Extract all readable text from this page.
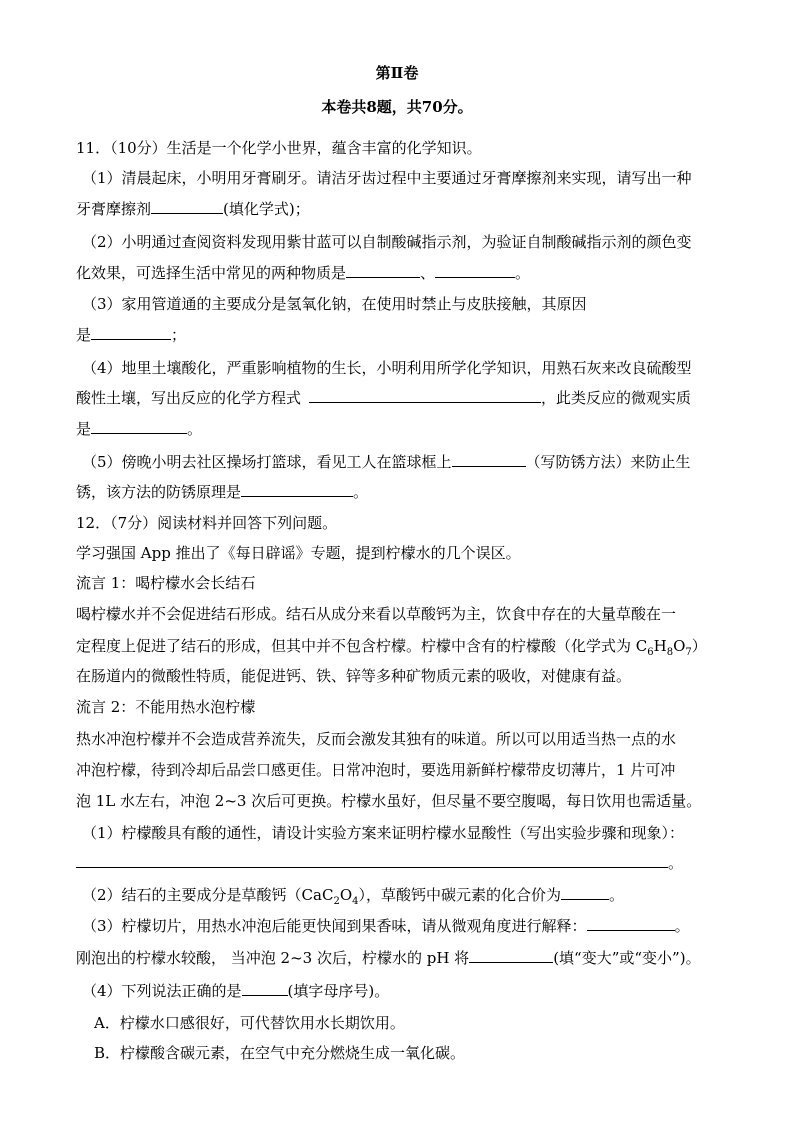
第Ⅱ卷
本卷共8题，共70分。
11．（10分）生活是一个化学小世界，蕴含丰富的化学知识。
（1）清晨起床，小明用牙膏刷牙。请洁牙齿过程中主要通过牙膏摩擦剂来实现，请写出一种
牙膏摩擦剂	(填化学式)；
（2）小明通过查阅资料发现用紫甘蓝可以自制酸碱指示剂，为验证自制酸碱指示剂的颜色变
化效果，可选择生活中常见的两种物质是	、	。
（3）家用管道通的主要成分是氢氧化钠，在使用时禁止与皮肤接触，其原因
是	；
（4）地里土壤酸化，严重影响植物的生长，小明利用所学化学知识，用熟石灰来改良硫酸型
酸性土壤，写出反应的化学方程式	，此类反应的微观实质
是	。
（5）傍晚小明去社区操场打篮球，看见工人在篮球框上	（写防锈方法）来防止生
锈，该方法的防锈原理是	。
12．（7分）阅读材料并回答下列问题。
学习强国 App 推出了《每日辟谣》专题，提到柠檬水的几个误区。
流言 1：喝柠檬水会长结石
喝柠檬水并不会促进结石形成。结石从成分来看以草酸钙为主，饮食中存在的大量草酸在一
定程度上促进了结石的形成，但其中并不包含柠檬。柠檬中含有的柠檬酸（化学式为 $C_6H_8O_7$）
在肠道内的微酸性特质，能促进钙、铁、锌等多种矿物质元素的吸收，对健康有益。
流言 2：不能用热水泡柠檬
热水冲泡柠檬并不会造成营养流失，反而会激发其独有的味道。所以可以用适当热一点的水
冲泡柠檬，待到冷却后品尝口感更佳。日常冲泡时，要选用新鲜柠檬带皮切薄片，1 片可冲
泡 1L 水左右，冲泡 2~3 次后可更换。柠檬水虽好，但尽量不要空腹喝，每日饮用也需适量。
（1）柠檬酸具有酸的通性，请设计实验方案来证明柠檬水显酸性（写出实验步骤和现象）：
。
（2）结石的主要成分是草酸钙$(CaC_2O_4)$，草酸钙中碳元素的化合价为	。
（3）柠檬切片，用热水冲泡后能更快闻到果香味，请从微观角度进行解释：	。
刚泡出的柠檬水较酸， 当冲泡 2~3 次后，柠檬水的 pH 将	(填“变大”或“变小”)。
（4）下列说法正确的是	(填字母序号)。
A．柠檬水口感很好，可代替饮用水长期饮用。
B．柠檬酸含碳元素，在空气中充分燃烧生成一氧化碳。
